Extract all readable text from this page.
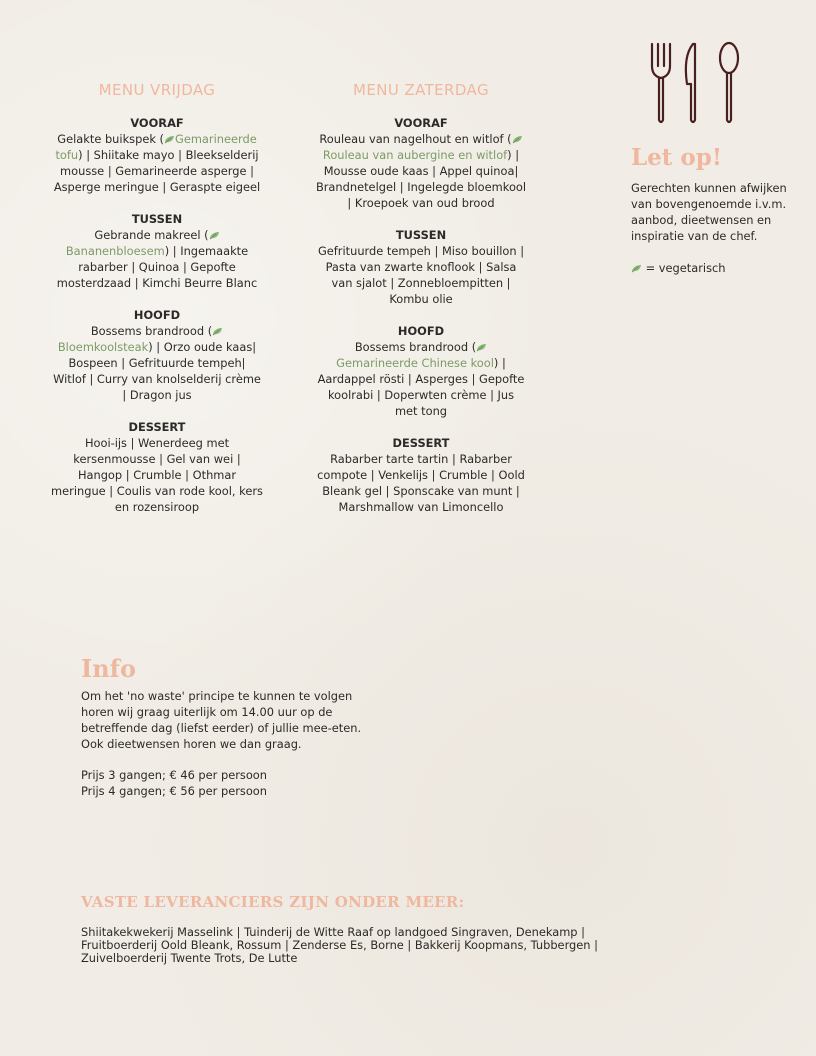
MENU VRIJDAG
VOORAF
Gelakte buikspek ( Gemarineerde tofu) | Shiitake mayo | Bleekselderij mousse | Gemarineerde asperge | Asperge meringue | Geraspte eigeel
TUSSEN
Gebrande makreel (Bananenbloesem) | Ingemaakte rabarber | Quinoa | Gepofte mosterdzaad | Kimchi Beurre Blanc
HOOFD
Bossems brandrood (Bloemkoolsteak) | Orzo oude kaas| Bospeen | Gefrituurde tempeh| Witlof | Curry van knolselderij crème | Dragon jus
DESSERT
Hooi-ijs | Wenerdeeg met kersenmousse | Gel van wei | Hangop | Crumble | Othmar meringue | Coulis van rode kool, kers en rozensiroop
MENU ZATERDAG
VOORAF
Rouleau van nagelhout en witlof (Rouleau van aubergine en witlof) | Mousse oude kaas | Appel quinoa| Brandnetelgel | Ingelegde bloemkool | Kroepoek van oud brood
TUSSEN
Gefrituurde tempeh | Miso bouillon | Pasta van zwarte knoflook | Salsa van sjalot | Zonnebloempitten | Kombu olie
HOOFD
Bossems brandrood (Gemarineerde Chinese kool) | Aardappel rösti | Asperges | Gepofte koolrabi | Doperwten crème | Jus met tong
DESSERT
Rabarber tarte tartin | Rabarber compote | Venkelijs | Crumble | Oold Bleank gel | Sponscake van munt | Marshmallow van Limoncello
Let op!
Gerechten kunnen afwijken van bovengenoemde i.v.m. aanbod, dieetwensen en inspiratie van de chef.
= vegetarisch
Info

Om het 'no waste' principe te kunnen te volgen horen wij graag uiterlijk om 14.00 uur op de betreffende dag (liefst eerder) of jullie mee-eten. Ook dieetwensen horen we dan graag.

Prijs 3 gangen; € 46 per persoon
Prijs 4 gangen; € 56 per persoon
VASTE LEVERANCIERS ZIJN ONDER MEER:
Shiitakekwekerij Masselink | Tuinderij de Witte Raaf op landgoed Singraven, Denekamp | Fruitboerderij Oold Bleank, Rossum | Zenderse Es, Borne | Bakkerij Koopmans, Tubbergen | Zuivelboerderij Twente Trots, De Lutte
